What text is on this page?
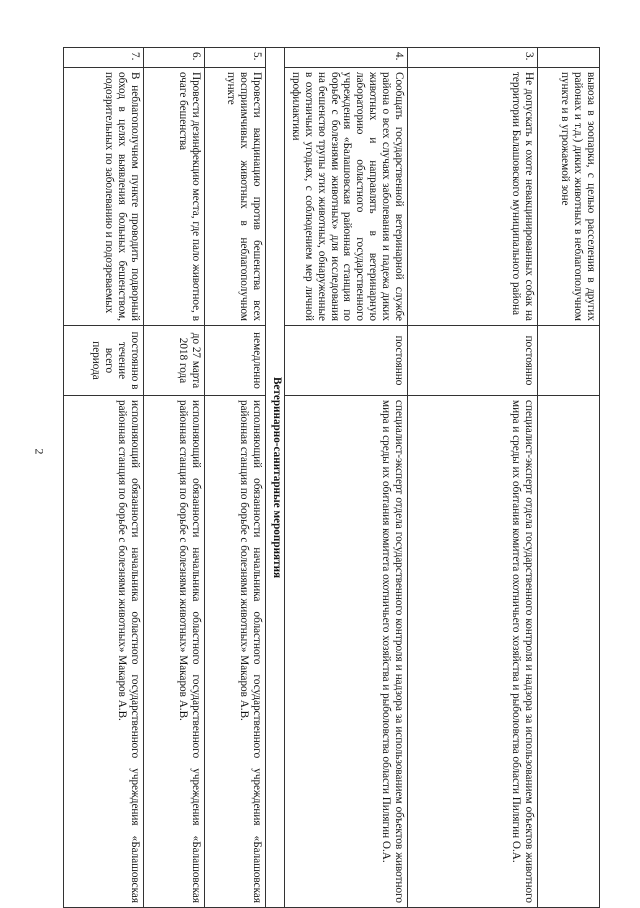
2
	вывоза в зоопарки, с целью расселения в других районах и т.д.) диких животных в неблагополучном пункте и в угрожаемой зоне		
3.	Не допускать к охоте невакцинированных собак на территории Балашовского муниципального района	постоянно	специалист-эксперт отдела государственного контроля и надзора за использованием объектов животного мира и среды их обитания комитета охотничьего хозяйства и рыболовства области Пилягин О.А.
4.	Сообщать государственной ветеринарной службе района о всех случаях заболевания и падежа диких животных и направлять в ветеринарную лабораторию областного государственного учреждения «Балашовская районная станция по борьбе с болезнями животных» для исследования на бешенство трупы этих животных, обнаруженные в охотничьих угодьях, с соблюдением мер личной профилактики	постоянно	специалист-эксперт отдела государственного контроля и надзора за использованием объектов животного мира и среды их обитания комитета охотничьего хозяйства и рыболовства области Пилягин О.А.
Ветеринарно-санитарные мероприятия			
5.	Провести вакцинацию против бешенства всех восприимчивых животных в неблагополучном пункте	немедленно	исполняющий обязанности начальника областного государственного учреждения «Балашовская районная станция по борьбе с болезнями животных» Макаров А.В.
6.	Провести дезинфекцию места, где пало животное, в очаге бешенства	до 27 марта 2018 года	исполняющий обязанности начальника областного государственного учреждения «Балашовская районная станция по борьбе с болезнями животных» Макаров А.В.
7.	В неблагополучном пункте проводить подворный обход в целях выявления больных бешенством, подозрительных по заболеванию и подозреваемых	постоянно в течение всего периода	исполняющий обязанности начальника областного государственного учреждения «Балашовская районная станция по борьбе с болезнями животных» Макаров А.В.
